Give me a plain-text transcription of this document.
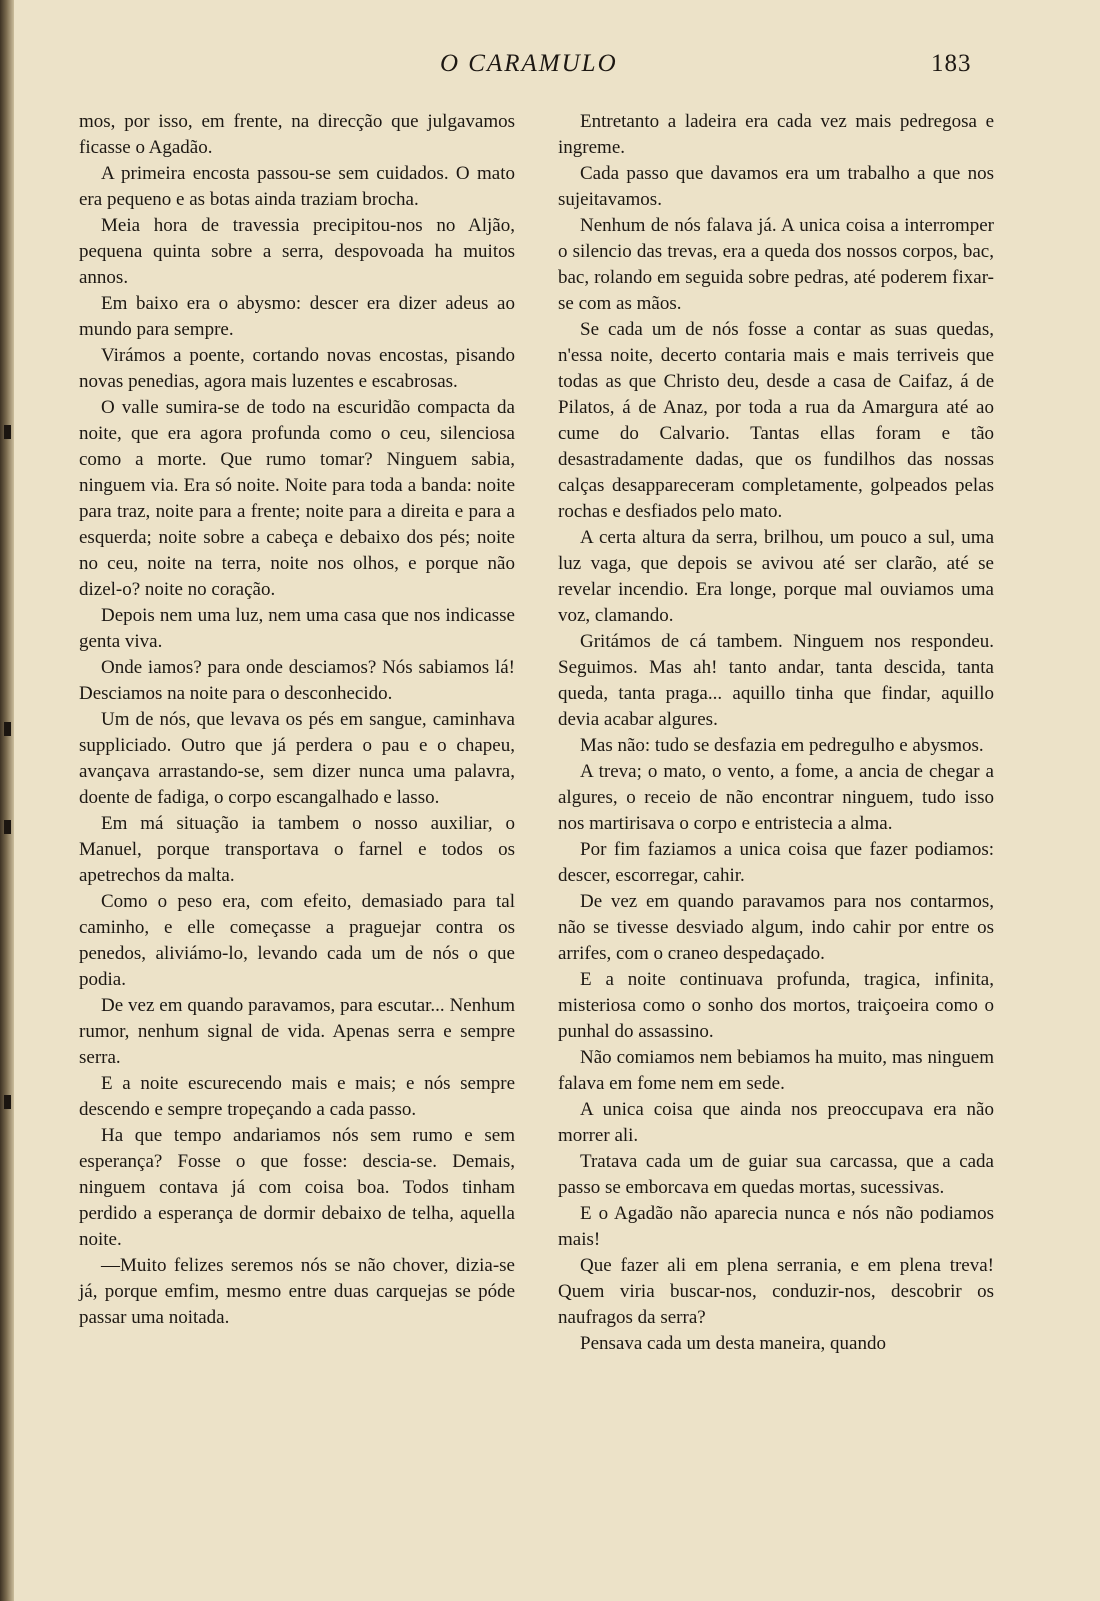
O CARAMULO	183

mos, por isso, em frente, na direcção que julgavamos ficasse o Agadão.

A primeira encosta passou-se sem cuidados. O mato era pequeno e as botas ainda traziam brocha.

Meia hora de travessia precipitou-nos no Aljão, pequena quinta sobre a serra, despovoada ha muitos annos.

Em baixo era o abysmo: descer era dizer adeus ao mundo para sempre.

Virámos a poente, cortando novas encostas, pisando novas penedias, agora mais luzentes e escabrosas.

O valle sumira-se de todo na escuridão compacta da noite, que era agora profunda como o ceu, silenciosa como a morte. Que rumo tomar? Ninguem sabia, ninguem via. Era só noite. Noite para toda a banda: noite para traz, noite para a frente; noite para a direita e para a esquerda; noite sobre a cabeça e debaixo dos pés; noite no ceu, noite na terra, noite nos olhos, e porque não dizel-o? noite no coração.

Depois nem uma luz, nem uma casa que nos indicasse genta viva.

Onde iamos? para onde desciamos? Nós sabiamos lá! Desciamos na noite para o desconhecido.

Um de nós, que levava os pés em sangue, caminhava suppliciado. Outro que já perdera o pau e o chapeu, avançava arrastando-se, sem dizer nunca uma palavra, doente de fadiga, o corpo escangalhado e lasso.

Em má situação ia tambem o nosso auxiliar, o Manuel, porque transportava o farnel e todos os apetrechos da malta.

Como o peso era, com efeito, demasiado para tal caminho, e elle começasse a praguejar contra os penedos, aliviámo-lo, levando cada um de nós o que podia.

De vez em quando paravamos, para escutar... Nenhum rumor, nenhum signal de vida. Apenas serra e sempre serra.

E a noite escurecendo mais e mais; e nós sempre descendo e sempre tropeçando a cada passo.

Ha que tempo andariamos nós sem rumo e sem esperança? Fosse o que fosse: descia-se. Demais, ninguem contava já com coisa boa. Todos tinham perdido a esperança de dormir debaixo de telha, aquella noite.

—Muito felizes seremos nós se não chover, dizia-se já, porque emfim, mesmo entre duas carquejas se póde passar uma noitada.

Entretanto a ladeira era cada vez mais pedregosa e ingreme.

Cada passo que davamos era um trabalho a que nos sujeitavamos.

Nenhum de nós falava já. A unica coisa a interromper o silencio das trevas, era a queda dos nossos corpos, bac, bac, rolando em seguida sobre pedras, até poderem fixar-se com as mãos.

Se cada um de nós fosse a contar as suas quedas, n'essa noite, decerto contaria mais e mais terriveis que todas as que Christo deu, desde a casa de Caifaz, á de Pilatos, á de Anaz, por toda a rua da Amargura até ao cume do Calvario. Tantas ellas foram e tão desastradamente dadas, que os fundilhos das nossas calças desappareceram completamente, golpeados pelas rochas e desfiados pelo mato.

A certa altura da serra, brilhou, um pouco a sul, uma luz vaga, que depois se avivou até ser clarão, até se revelar incendio. Era longe, porque mal ouviamos uma voz, clamando.

Gritámos de cá tambem. Ninguem nos respondeu. Seguimos. Mas ah! tanto andar, tanta descida, tanta queda, tanta praga... aquillo tinha que findar, aquillo devia acabar algures.

Mas não: tudo se desfazia em pedregulho e abysmos.

A treva; o mato, o vento, a fome, a ancia de chegar a algures, o receio de não encontrar ninguem, tudo isso nos martirisava o corpo e entristecia a alma.

Por fim faziamos a unica coisa que fazer podiamos: descer, escorregar, cahir.

De vez em quando paravamos para nos contarmos, não se tivesse desviado algum, indo cahir por entre os arrifes, com o craneo despedaçado.

E a noite continuava profunda, tragica, infinita, misteriosa como o sonho dos mortos, traiçoeira como o punhal do assassino.

Não comiamos nem bebiamos ha muito, mas ninguem falava em fome nem em sede.

A unica coisa que ainda nos preoccupava era não morrer ali.

Tratava cada um de guiar sua carcassa, que a cada passo se emborcava em quedas mortas, sucessivas.

E o Agadão não aparecia nunca e nós não podiamos mais!

Que fazer ali em plena serrania, e em plena treva! Quem viria buscar-nos, conduzir-nos, descobrir os naufragos da serra?

Pensava cada um desta maneira, quando
